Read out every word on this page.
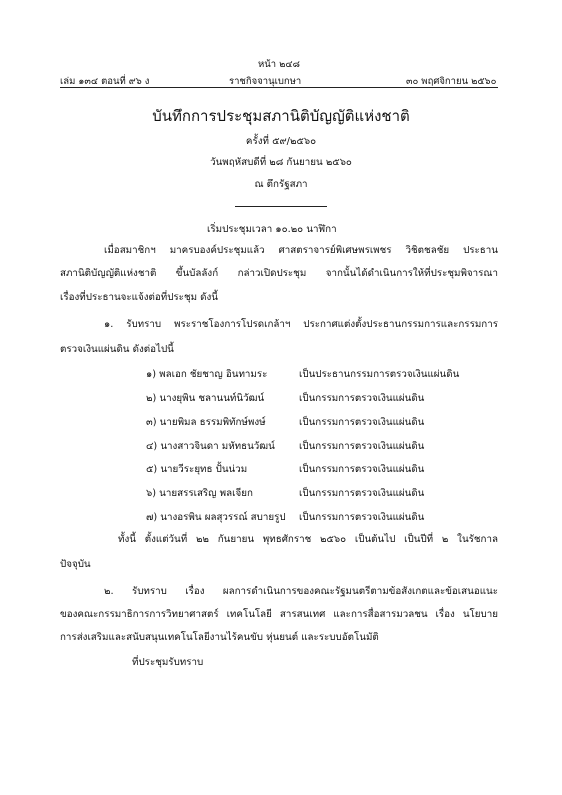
หน้า ๒๔๘
เล่ม ๑๓๔ ตอนที่ ๙๖ ง	ราชกิจจานุเบกษา	๓๐ พฤศจิกายน ๒๕๖๐
บันทึกการประชุมสภานิติบัญญัติแห่งชาติ
ครั้งที่ ๕๙/๒๕๖๐
วันพฤหัสบดีที่ ๒๘ กันยายน ๒๕๖๐
ณ ตึกรัฐสภา
เริ่มประชุมเวลา ๑๐.๒๐ นาฬิกา
เมื่อสมาชิกฯ มาครบองค์ประชุมแล้ว ศาสตราจารย์พิเศษพรเพชร วิชิตชลชัย ประธาน
สภานิติบัญญัติแห่งชาติ ขึ้นบัลลังก์ กล่าวเปิดประชุม จากนั้นได้ดำเนินการให้ที่ประชุมพิจารณา
เรื่องที่ประธานจะแจ้งต่อที่ประชุม ดังนี้
๑. รับทราบ พระราชโองการโปรดเกล้าฯ ประกาศแต่งตั้งประธานกรรมการและกรรมการ
ตรวจเงินแผ่นดิน ดังต่อไปนี้
๑) พลเอก ชัยชาญ อินทามระ	เป็นประธานกรรมการตรวจเงินแผ่นดิน
๒) นางยุพิน ชลานนท์นิวัฒน์	เป็นกรรมการตรวจเงินแผ่นดิน
๓) นายพิมล ธรรมพิทักษ์พงษ์	เป็นกรรมการตรวจเงินแผ่นดิน
๔) นางสาวจินดา มหัทธนวัฒน์ เป็นกรรมการตรวจเงินแผ่นดิน
๕) นายวีระยุทธ ปั้นน่วม	เป็นกรรมการตรวจเงินแผ่นดิน
๖) นายสรรเสริญ พลเจียก	เป็นกรรมการตรวจเงินแผ่นดิน
๗) นางอรพิน ผลสุวรรณ์ สบายรูป เป็นกรรมการตรวจเงินแผ่นดิน
ทั้งนี้ ตั้งแต่วันที่ ๒๒ กันยายน พุทธศักราช ๒๕๖๐ เป็นต้นไป เป็นปีที่ ๒ ในรัชกาล
ปัจจุบัน
๒. รับทราบ เรื่อง ผลการดำเนินการของคณะรัฐมนตรีตามข้อสังเกตและข้อเสนอแนะ
ของคณะกรรมาธิการการวิทยาศาสตร์ เทคโนโลยี สารสนเทศ และการสื่อสารมวลชน เรื่อง นโยบาย
การส่งเสริมและสนับสนุนเทคโนโลยีงานไร้คนขับ หุ่นยนต์ และระบบอัตโนมัติ
ที่ประชุมรับทราบ
